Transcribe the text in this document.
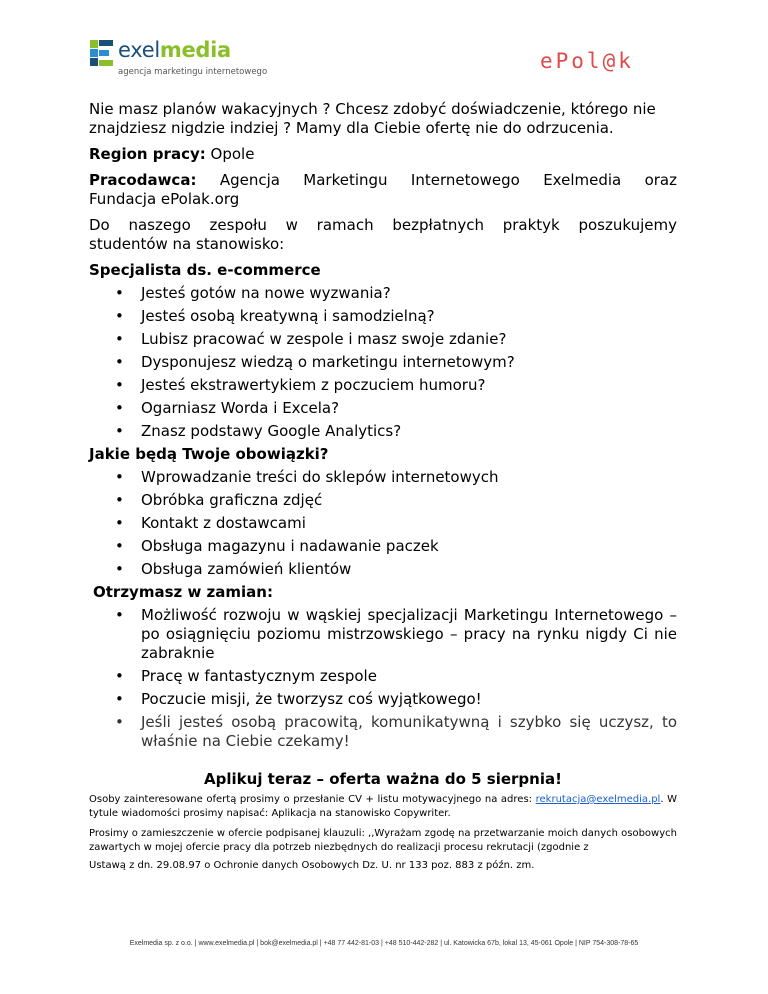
exelmedia
agencja marketingu internetowego	ePol@k

Nie masz planów wakacyjnych ? Chcesz zdobyć doświadczenie, którego nie znajdziesz nigdzie indziej ? Mamy dla Ciebie ofertę nie do odrzucenia.

Region pracy: Opole

Pracodawca: Agencja Marketingu Internetowego Exelmedia oraz

Fundacja ePolak.org

Do naszego zespołu w ramach bezpłatnych praktyk poszukujemy

studentów na stanowisko:

Specjalista ds. e-commerce

• Jesteś gotów na nowe wyzwania?
• Jesteś osobą kreatywną i samodzielną?
• Lubisz pracować w zespole i masz swoje zdanie?
• Dysponujesz wiedzą o marketingu internetowym?
• Jesteś ekstrawertykiem z poczuciem humoru?
• Ogarniasz Worda i Excela?
• Znasz podstawy Google Analytics?

Jakie będą Twoje obowiązki?

• Wprowadzanie treści do sklepów internetowych
• Obróbka graficzna zdjęć
• Kontakt z dostawcami
• Obsługa magazynu i nadawanie paczek
• Obsługa zamówień klientów

Otrzymasz w zamian:

• Możliwość rozwoju w wąskiej specjalizacji Marketingu Internetowego – po osiągnięciu poziomu mistrzowskiego – pracy na rynku nigdy Ci nie zabraknie
• Pracę w fantastycznym zespole
• Poczucie misji, że tworzysz coś wyjątkowego!
• Jeśli jesteś osobą pracowitą, komunikatywną i szybko się uczysz, to właśnie na Ciebie czekamy!

Aplikuj teraz – oferta ważna do 5 sierpnia!

Osoby zainteresowane ofertą prosimy o przesłanie CV + listu motywacyjnego na adres: rekrutacja@exelmedia.pl. W tytule wiadomości prosimy napisać: Aplikacja na stanowisko Copywriter.

Prosimy o zamieszczenie w ofercie podpisanej klauzuli: ,,Wyrażam zgodę na przetwarzanie moich danych osobowych zawartych w mojej ofercie pracy dla potrzeb niezbędnych do realizacji procesu rekrutacji (zgodnie z

Ustawą z dn. 29.08.97 o Ochronie danych Osobowych Dz. U. nr 133 poz. 883 z późn. zm.

Exelmedia sp. z o.o. | www.exelmedia.pl | bok@exelmedia.pl | +48 77 442-81-03 | +48 510-442-282 | ul. Katowicka 67b, lokal 13, 45-061 Opole | NIP 754-308-78-65
